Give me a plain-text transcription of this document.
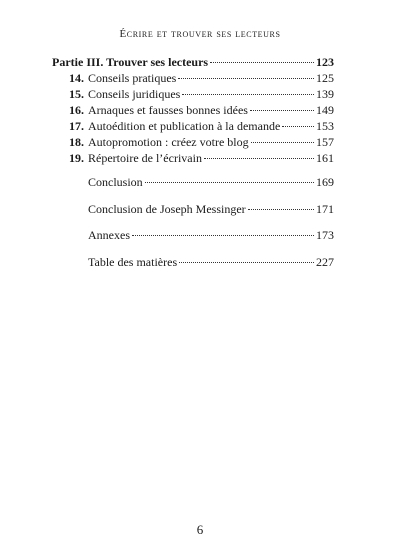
Écrire et trouver ses lecteurs
Partie III. Trouver ses lecteurs	123
14. Conseils pratiques	125
15. Conseils juridiques	139
16. Arnaques et fausses bonnes idées	149
17. Autoédition et publication à la demande	153
18. Autopromotion : créez votre blog	157
19. Répertoire de l’écrivain	161
Conclusion	169
Conclusion de Joseph Messinger	171
Annexes	173
Table des matières	227
6
